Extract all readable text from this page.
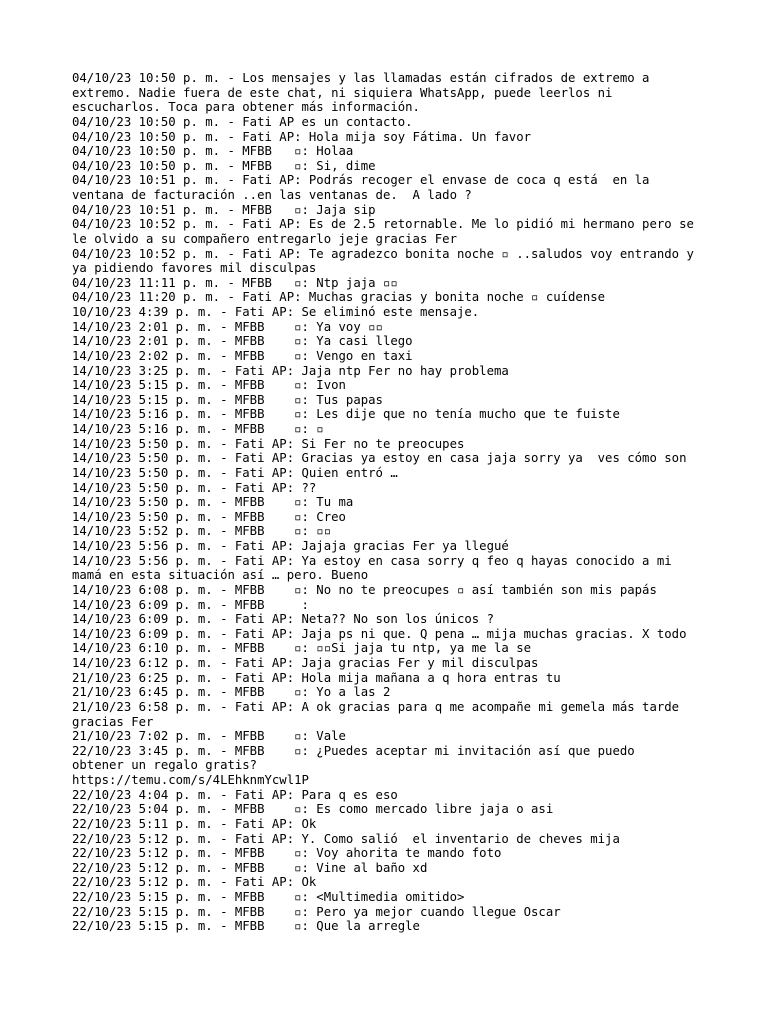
04/10/23 10:50 p. m. - Los mensajes y las llamadas están cifrados de extremo a
extremo. Nadie fuera de este chat, ni siquiera WhatsApp, puede leerlos ni
escucharlos. Toca para obtener más información.
04/10/23 10:50 p. m. - Fati AP es un contacto.
04/10/23 10:50 p. m. - Fati AP: Hola mija soy Fátima. Un favor
04/10/23 10:50 p. m. - MFBB   ▫: Holaa
04/10/23 10:50 p. m. - MFBB   ▫: Si, dime
04/10/23 10:51 p. m. - Fati AP: Podrás recoger el envase de coca q está  en la
ventana de facturación ..en las ventanas de.  A lado ?
04/10/23 10:51 p. m. - MFBB   ▫: Jaja sip
04/10/23 10:52 p. m. - Fati AP: Es de 2.5 retornable. Me lo pidió mi hermano pero se
le olvido a su compañero entregarlo jeje gracias Fer
04/10/23 10:52 p. m. - Fati AP: Te agradezco bonita noche ▫ ..saludos voy entrando y
ya pidiendo favores mil disculpas
04/10/23 11:11 p. m. - MFBB   ▫: Ntp jaja ▫▫
04/10/23 11:20 p. m. - Fati AP: Muchas gracias y bonita noche ▫ cuídense
10/10/23 4:39 p. m. - Fati AP: Se eliminó este mensaje.
14/10/23 2:01 p. m. - MFBB    ▫: Ya voy ▫▫
14/10/23 2:01 p. m. - MFBB    ▫: Ya casi llego
14/10/23 2:02 p. m. - MFBB    ▫: Vengo en taxi
14/10/23 3:25 p. m. - Fati AP: Jaja ntp Fer no hay problema
14/10/23 5:15 p. m. - MFBB    ▫: Ivon
14/10/23 5:15 p. m. - MFBB    ▫: Tus papas
14/10/23 5:16 p. m. - MFBB    ▫: Les dije que no tenía mucho que te fuiste
14/10/23 5:16 p. m. - MFBB    ▫: ▫
14/10/23 5:50 p. m. - Fati AP: Si Fer no te preocupes
14/10/23 5:50 p. m. - Fati AP: Gracias ya estoy en casa jaja sorry ya  ves cómo son
14/10/23 5:50 p. m. - Fati AP: Quien entró …
14/10/23 5:50 p. m. - Fati AP: ??
14/10/23 5:50 p. m. - MFBB    ▫: Tu ma
14/10/23 5:50 p. m. - MFBB    ▫: Creo
14/10/23 5:52 p. m. - MFBB    ▫: ▫▫
14/10/23 5:56 p. m. - Fati AP: Jajaja gracias Fer ya llegué
14/10/23 5:56 p. m. - Fati AP: Ya estoy en casa sorry q feo q hayas conocido a mi
mamá en esta situación así … pero. Bueno
14/10/23 6:08 p. m. - MFBB    ▫: No no te preocupes ▫ así también son mis papás
14/10/23 6:09 p. m. - MFBB     :
14/10/23 6:09 p. m. - Fati AP: Neta?? No son los únicos ?
14/10/23 6:09 p. m. - Fati AP: Jaja ps ni que. Q pena … mija muchas gracias. X todo
14/10/23 6:10 p. m. - MFBB    ▫: ▫▫Si jaja tu ntp, ya me la se
14/10/23 6:12 p. m. - Fati AP: Jaja gracias Fer y mil disculpas
21/10/23 6:25 p. m. - Fati AP: Hola mija mañana a q hora entras tu
21/10/23 6:45 p. m. - MFBB    ▫: Yo a las 2
21/10/23 6:58 p. m. - Fati AP: A ok gracias para q me acompañe mi gemela más tarde
gracias Fer
21/10/23 7:02 p. m. - MFBB    ▫: Vale
22/10/23 3:45 p. m. - MFBB    ▫: ¿Puedes aceptar mi invitación así que puedo
obtener un regalo gratis?
https://temu.com/s/4LEhknmYcwl1P
22/10/23 4:04 p. m. - Fati AP: Para q es eso
22/10/23 5:04 p. m. - MFBB    ▫: Es como mercado libre jaja o asi
22/10/23 5:11 p. m. - Fati AP: Ok
22/10/23 5:12 p. m. - Fati AP: Y. Como salió  el inventario de cheves mija
22/10/23 5:12 p. m. - MFBB    ▫: Voy ahorita te mando foto
22/10/23 5:12 p. m. - MFBB    ▫: Vine al baño xd
22/10/23 5:12 p. m. - Fati AP: Ok
22/10/23 5:15 p. m. - MFBB    ▫: <Multimedia omitido>
22/10/23 5:15 p. m. - MFBB    ▫: Pero ya mejor cuando llegue Oscar
22/10/23 5:15 p. m. - MFBB    ▫: Que la arregle
